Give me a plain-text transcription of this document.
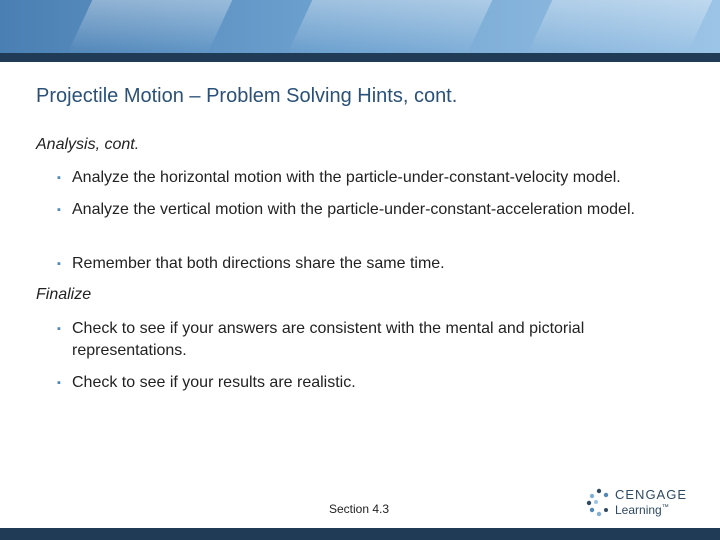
Projectile Motion – Problem Solving Hints, cont.
Analysis, cont.
▪ Analyze the horizontal motion with the particle-under-constant-velocity model.
▪ Analyze the vertical motion with the particle-under-constant-acceleration model.
▪ Remember that both directions share the same time.
Finalize
▪ Check to see if your answers are consistent with the mental and pictorial representations.
▪ Check to see if your results are realistic.
Section 4.3
CENGAGE
Learning™
